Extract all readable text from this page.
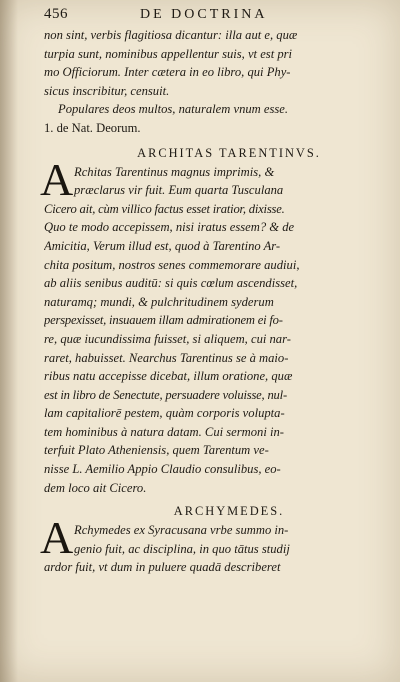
456	DE DOCTRINA
non sint, verbis flagitiosa dicantur: illa aut e, quæ
turpia sunt, nominibus appellentur suis, vt est pri
mo Officiorum. Inter cætera in eo libro, qui Phy-
sicus inscribitur, censuit.
Populares deos multos, naturalem vnum esse.
1. de Nat. Deorum.
ARCHITAS TARENTINVS.
A Rchitas Tarentinus magnus imprimis, &
præclarus vir fuit. Eum quarta Tusculana
Cicero ait, cùm villico factus esset iratior, dixisse.
Quo te modo accepissem, nisi iratus essem? & de
Amicitia, Verum illud est, quod à Tarentino Ar-
chita positum, nostros senes commemorare audiui,
ab aliis senibus auditū: si quis cœlum ascendisset,
naturamq; mundi, & pulchritudinem syderum
perspexisset, insuauem illam admirationem ei fo-
re, quæ iucundissima fuisset, si aliquem, cui nar-
raret, habuisset. Nearchus Tarentinus se à maio-
ribus natu accepisse dicebat, illum oratione, quæ
est in libro de Senectute, persuadere voluisse, nul-
lam capitaliorē pestem, quàm corporis volupta-
tem hominibus à natura datam. Cui sermoni in-
terfuit Plato Atheniensis, quem Tarentum ve-
nisse L. Aemilio Appio Claudio consulibus, eo-
dem loco ait Cicero.
ARCHYMEDES.
A Rchymedes ex Syracusana vrbe summo in-
genio fuit, ac disciplina, in quo tātus studij
ardor fuit, vt dum in puluere quadā describeret
